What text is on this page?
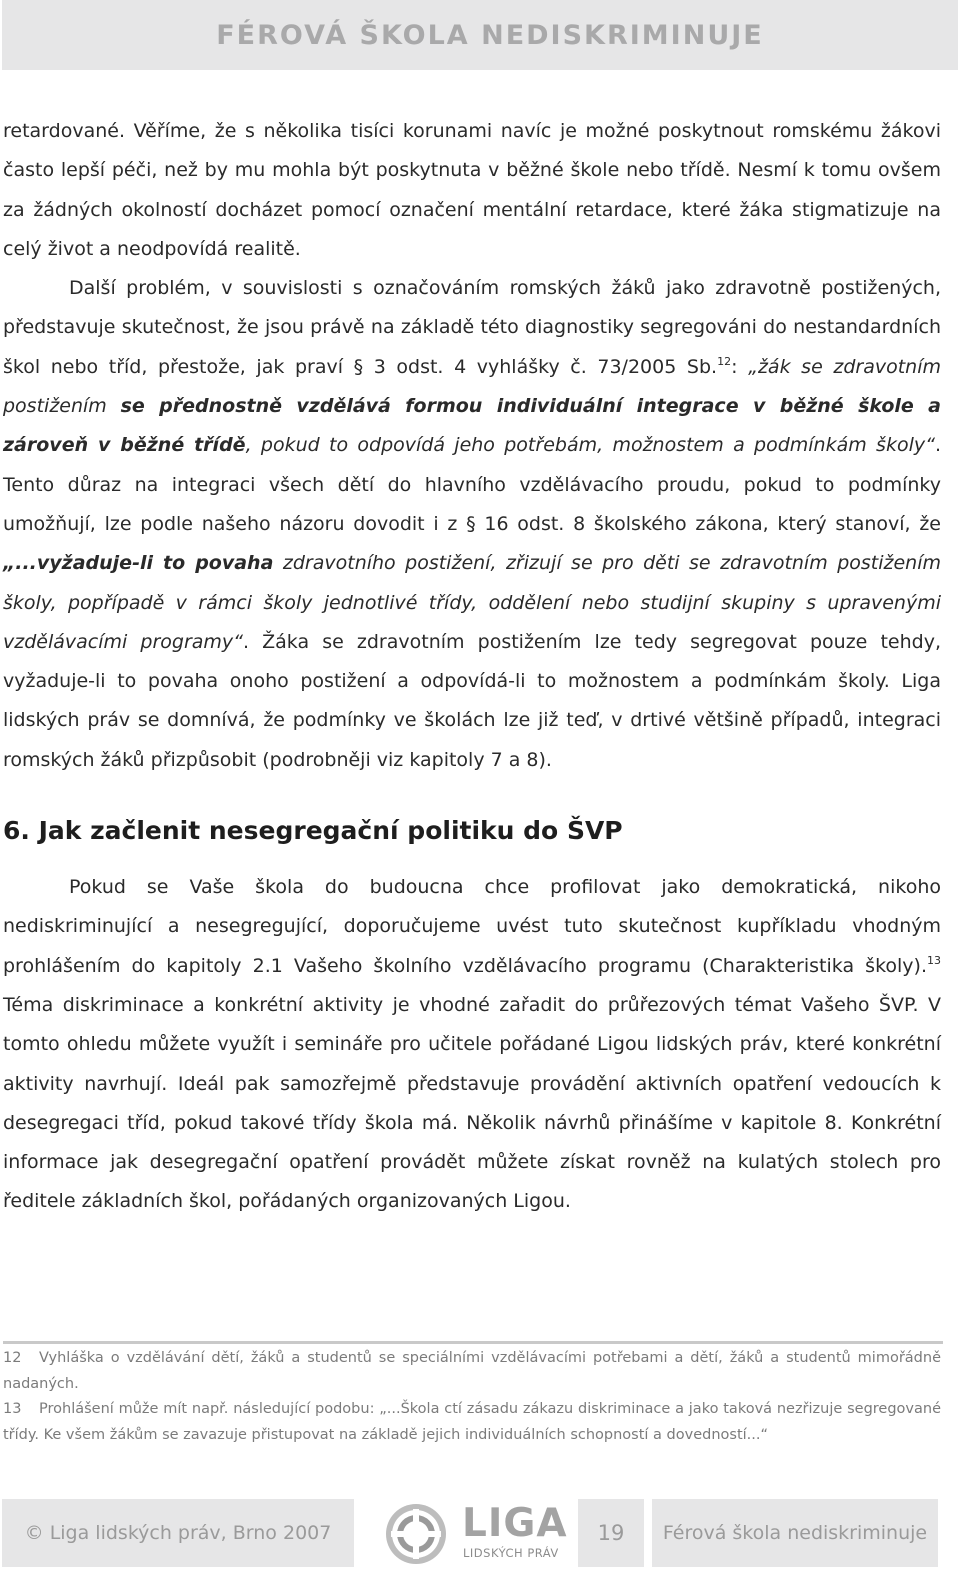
FÉROVÁ ŠKOLA NEDISKRIMINUJE

retardované. Věříme, že s několika tisíci korunami navíc je možné poskytnout romskému žákovi často lepší péči, než by mu mohla být poskytnuta v běžné škole nebo třídě. Nesmí k tomu ovšem za žádných okolností docházet pomocí označení mentální retardace, které žáka stigmatizuje na celý život a neodpovídá realitě.

Další problém, v souvislosti s označováním romských žáků jako zdravotně postižených, představuje skutečnost, že jsou právě na základě této diagnostiky segregováni do nestandardních škol nebo tříd, přestože, jak praví § 3 odst. 4 vyhlášky č. 73/2005 Sb.$^{12}$: „žák se zdravotním postižením se přednostně vzdělává formou individuální integrace v běžné škole a zároveň v běžné třídě, pokud to odpovídá jeho potřebám, možnostem a podmínkám školy“. Tento důraz na integraci všech dětí do hlavního vzdělávacího proudu, pokud to podmínky umožňují, lze podle našeho názoru dovodit i z § 16 odst. 8 školského zákona, který stanoví, že „...vyžaduje-li to povaha zdravotního postižení, zřizují se pro děti se zdravotním postižením školy, popřípadě v rámci školy jednotlivé třídy, oddělení nebo studijní skupiny s upravenými vzdělávacími programy“. Žáka se zdravotním postižením lze tedy segregovat pouze tehdy, vyžaduje-li to povaha onoho postižení a odpovídá-li to možnostem a podmínkám školy. Liga lidských práv se domnívá, že podmínky ve školách lze již teď, v drtivé většině případů, integraci romských žáků přizpůsobit (podrobněji viz kapitoly 7 a 8).

6. Jak začlenit nesegregační politiku do ŠVP

Pokud se Vaše škola do budoucna chce profilovat jako demokratická, nikoho nediskriminující a nesegregující, doporučujeme uvést tuto skutečnost kupříkladu vhodným prohlášením do kapitoly 2.1 Vašeho školního vzdělávacího programu (Charakteristika školy).$^{13}$ Téma diskriminace a konkrétní aktivity je vhodné zařadit do průřezových témat Vašeho ŠVP. V tomto ohledu můžete využít i semináře pro učitele pořádané Ligou lidských práv, které konkrétní aktivity navrhují. Ideál pak samozřejmě představuje provádění aktivních opatření vedoucích k desegregaci tříd, pokud takové třídy škola má. Několik návrhů přinášíme v kapitole 8. Konkrétní informace jak desegregační opatření provádět můžete získat rovněž na kulatých stolech pro ředitele základních škol, pořádaných organizovaných Ligou.

12 Vyhláška o vzdělávání dětí, žáků a studentů se speciálními vzdělávacími potřebami a dětí, žáků a studentů mimořádně nadaných.
13 Prohlášení může mít např. následující podobu: „...Škola ctí zásadu zákazu diskriminace a jako taková nezřizuje segregované třídy. Ke všem žákům se zavazuje přistupovat na základě jejich individuálních schopností a dovedností...“
© Liga lidských práv, Brno 2007	LIGA
LIDSKÝCH PRÁV
19 Férová škola nediskriminuje
